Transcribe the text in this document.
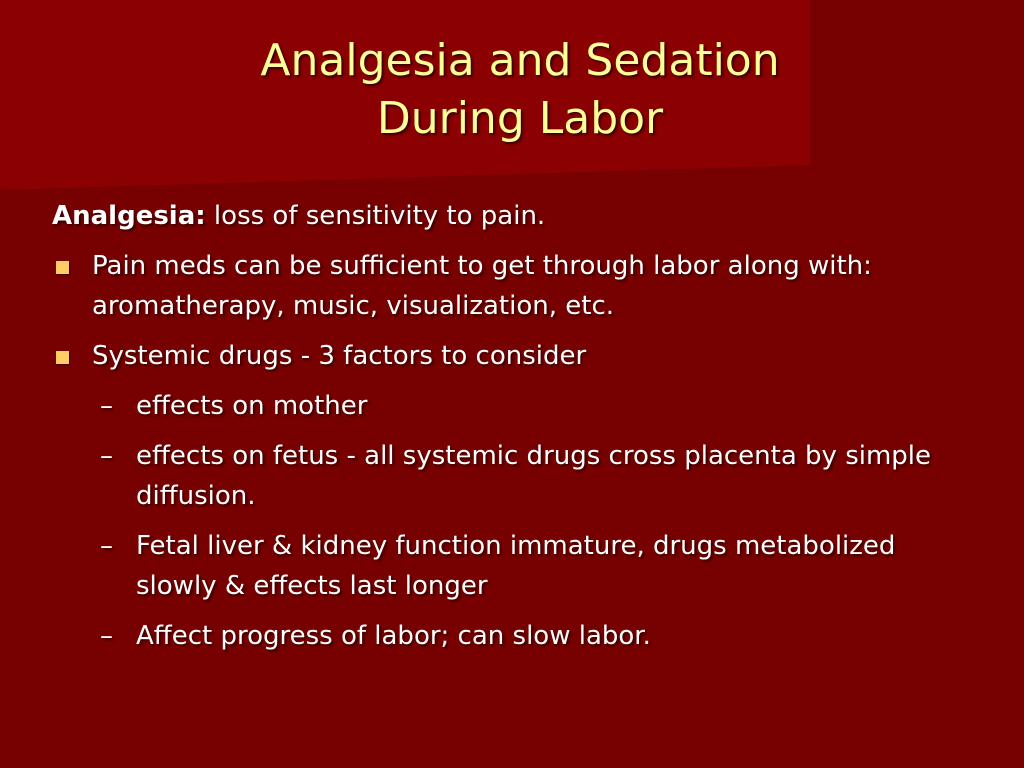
Analgesia and Sedation
During Labor

Analgesia: loss of sensitivity to pain.

Pain meds can be sufficient to get through labor along with: aromatherapy, music, visualization, etc.

Systemic drugs - 3 factors to consider

– effects on mother

– effects on fetus - all systemic drugs cross placenta by simple diffusion.

– Fetal liver & kidney function immature, drugs metabolized slowly & effects last longer

– Affect progress of labor; can slow labor.
